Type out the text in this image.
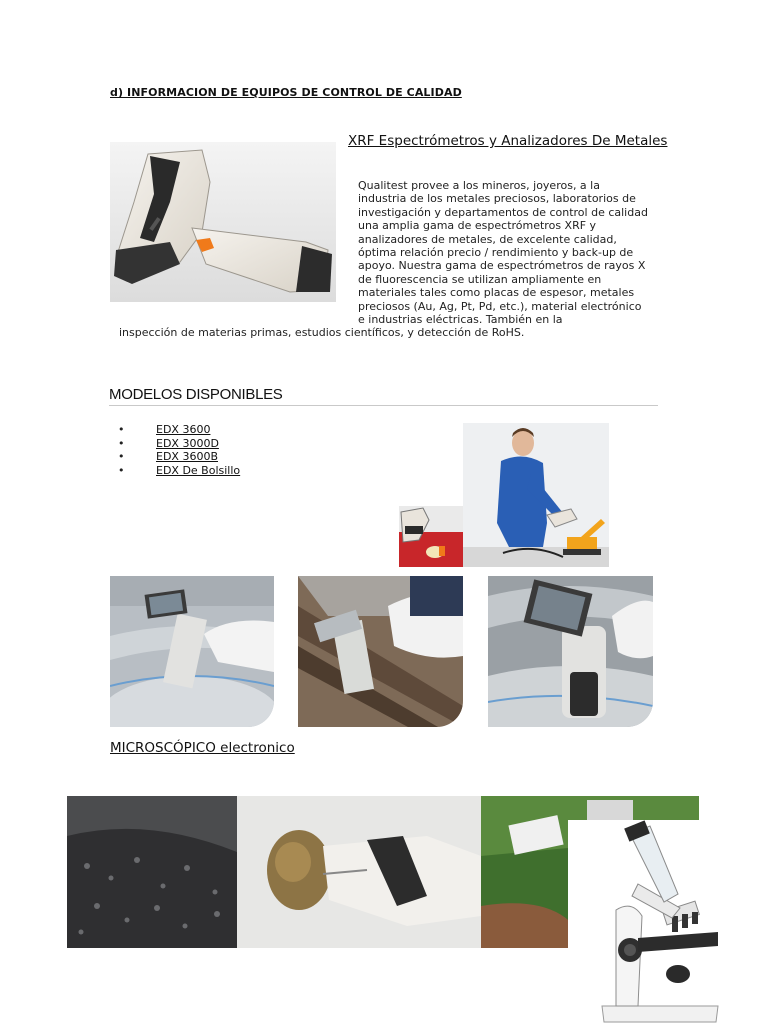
d) INFORMACION DE EQUIPOS DE CONTROL DE CALIDAD
XRF Espectrómetros y Analizadores De Metales
Qualitest provee a los mineros, joyeros, a la industria de los metales preciosos, laboratorios de investigación y departamentos de control de calidad una amplia gama de espectrómetros XRF y analizadores de metales, de excelente calidad, óptima relación precio / rendimiento y back-up de apoyo. Nuestra gama de espectrómetros de rayos X de fluorescencia se utilizan ampliamente en materiales tales como placas de espesor, metales preciosos (Au, Ag, Pt, Pd, etc.), material electrónico e industrias eléctricas. También en la
inspección de materias primas, estudios científicos, y detección de RoHS.
MODELOS DISPONIBLES
• EDX 3600
• EDX 3000D
• EDX 3600B
• EDX De Bolsillo
MICROSCÓPICO electronico
